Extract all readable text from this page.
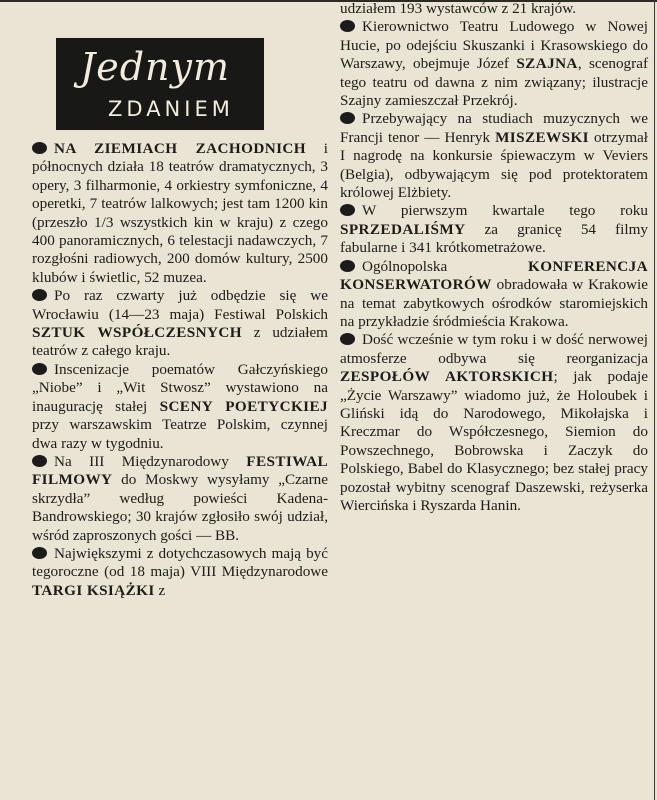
Jednym
ZDANIEM

NA ZIEMIACH ZACHODNICH i północnych działa 18 teatrów dramatycznych, 3 opery, 3 filharmonie, 4 orkiestry symfoniczne, 4 operetki, 7 teatrów lalkowych; jest tam 1200 kin (przeszło 1/3 wszystkich kin w kraju) z czego 400 panoramicznych, 6 telestacji nadawczych, 7 rozgłośni radiowych, 200 domów kultury, 2500 klubów i świetlic, 52 muzea.

Po raz czwarty już odbędzie się we Wrocławiu (14—23 maja) Festiwal Polskich SZTUK WSPÓŁCZESNYCH z udziałem teatrów z całego kraju.

Inscenizacje poematów Gałczyńskiego „Niobe” i „Wit Stwosz” wystawiono na inaugurację stałej SCENY POETYCKIEJ przy warszawskim Teatrze Polskim, czynnej dwa razy w tygodniu.

Na III Międzynarodowy FESTIWAL FILMOWY do Moskwy wysyłamy „Czarne skrzydła” według powieści Kadena-Bandrowskiego; 30 krajów zgłosiło swój udział, wśród zaproszonych gości — BB.

Największymi z dotychczasowych mają być tegoroczne (od 18 maja) VIII Międzynarodowe TARGI KSIĄŻKI z

udziałem 193 wystawców z 21 krajów.

Kierownictwo Teatru Ludowego w Nowej Hucie, po odejściu Skuszanki i Krasowskiego do Warszawy, obejmuje Józef SZAJNA, scenograf tego teatru od dawna z nim związany; ilustracje Szajny zamieszczał Przekrój.

Przebywający na studiach muzycznych we Francji tenor — Henryk MISZEWSKI otrzymał I nagrodę na konkursie śpiewaczym w Veviers (Belgia), odbywającym się pod protektoratem królowej Elżbiety.

W pierwszym kwartale tego roku SPRZEDALIŚMY za granicę 54 filmy fabularne i 341 krótkometrażowe.

Ogólnopolska KONFERENCJA KONSERWATORÓW obradowała w Krakowie na temat zabytkowych ośrodków staromiejskich na przykładzie śródmieścia Krakowa.

Dość wcześnie w tym roku i w dość nerwowej atmosferze odbywa się reorganizacja ZESPOŁÓW AKTORSKICH; jak podaje „Życie Warszawy” wiadomo już, że Holoubek i Gliński idą do Narodowego, Mikołajska i Kreczmar do Współczesnego, Siemion do Powszechnego, Bobrowska i Zaczyk do Polskiego, Babel do Klasycznego; bez stałej pracy pozostał wybitny scenograf Daszewski, reżyserka Wiercińska i Ryszarda Hanin.
